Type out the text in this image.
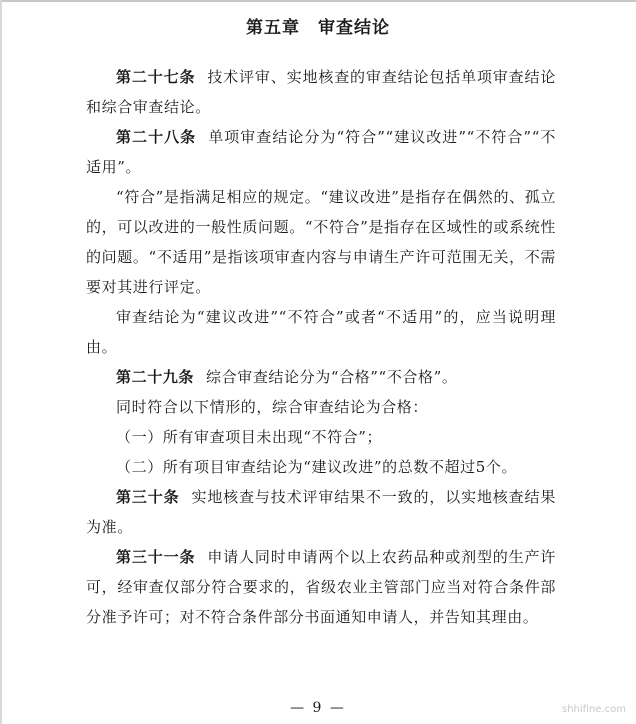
第五章　审查结论

第二十七条 技术评审、实地核查的审查结论包括单项审查结论和综合审查结论。

第二十八条 单项审查结论分为“符合”“建议改进”“不符合”“不适用”。

“符合”是指满足相应的规定。“建议改进”是指存在偶然的、孤立的，可以改进的一般性质问题。“不符合”是指存在区域性的或系统性的问题。“不适用”是指该项审查内容与申请生产许可范围无关，不需要对其进行评定。

审查结论为“建议改进”“不符合”或者“不适用”的，应当说明理由。

第二十九条 综合审查结论分为“合格”“不合格”。

同时符合以下情形的，综合审查结论为合格：

（一）所有审查项目未出现“不符合”；

（二）所有项目审查结论为“建议改进”的总数不超过5个。

第三十条 实地核查与技术评审结果不一致的，以实地核查结果为准。

第三十一条 申请人同时申请两个以上农药品种或剂型的生产许可，经审查仅部分符合要求的，省级农业主管部门应当对符合条件部分准予许可；对不符合条件部分书面通知申请人，并告知其理由。

— 9 —	shhifine.com
